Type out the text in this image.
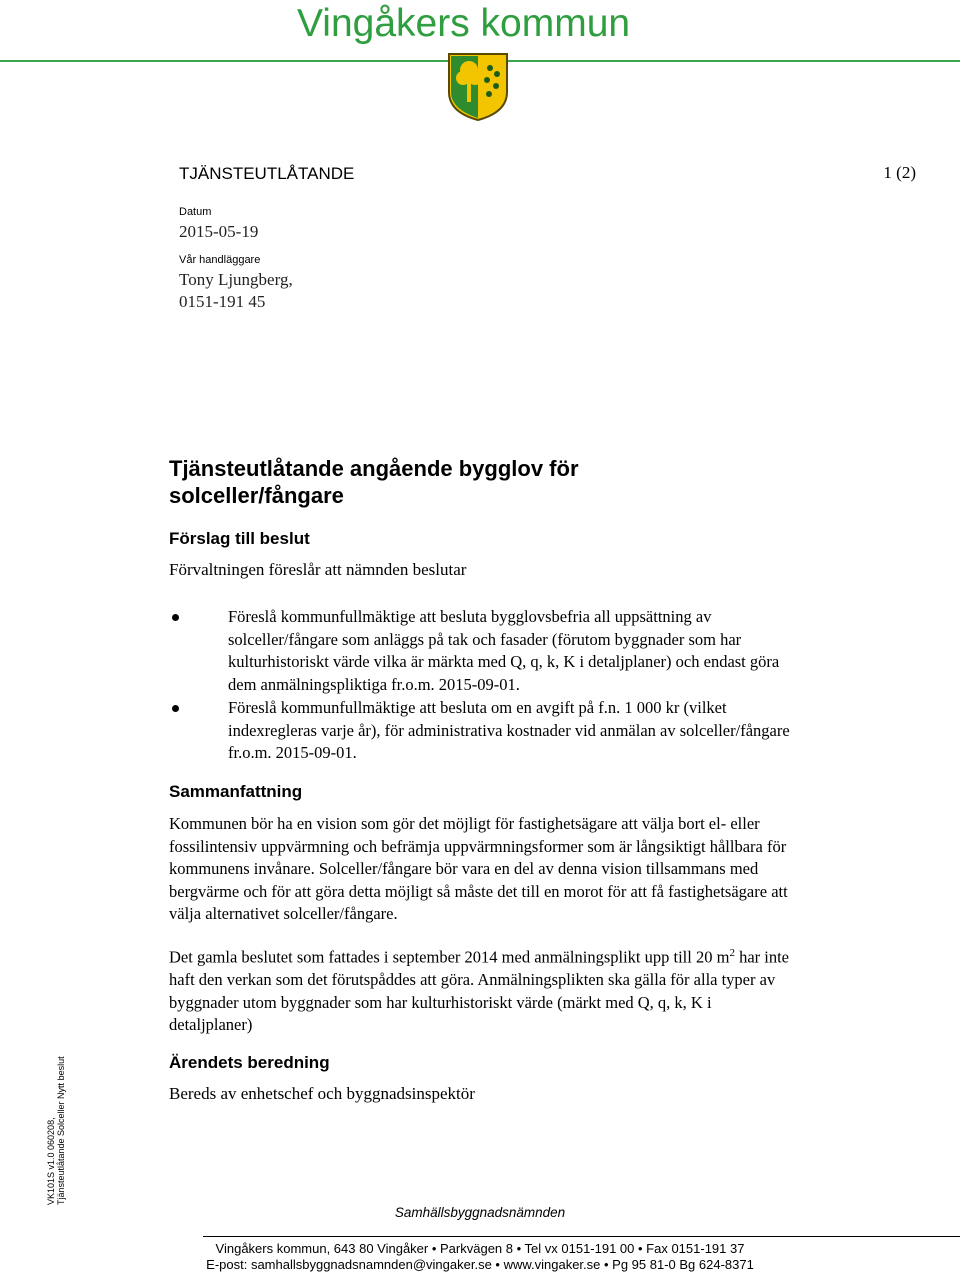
Vingåkers kommun
TJÄNSTEUTLÅTANDE	1 (2)
Datum
2015-05-19
Vår handläggare
Tony Ljungberg,
0151-191 45
Tjänsteutlåtande angående bygglov för solceller/fångare
Förslag till beslut
Förvaltningen föreslår att nämnden beslutar
Föreslå kommunfullmäktige att besluta bygglovsbefria all uppsättning av solceller/fångare som anläggs på tak och fasader (förutom byggnader som har kulturhistoriskt värde vilka är märkta med Q, q, k, K i detaljplaner) och endast göra dem anmälningspliktiga fr.o.m. 2015-09-01.
Föreslå kommunfullmäktige att besluta om en avgift på f.n. 1 000 kr (vilket indexregleras varje år), för administrativa kostnader vid anmälan av solceller/fångare fr.o.m. 2015-09-01.
Sammanfattning

Kommunen bör ha en vision som gör det möjligt för fastighetsägare att välja bort el- eller fossilintensiv uppvärmning och befrämja uppvärmningsformer som är långsiktigt hållbara för kommunens invånare. Solceller/fångare bör vara en del av denna vision tillsammans med bergvärme och för att göra detta möjligt så måste det till en morot för att få fastighetsägare att välja alternativet solceller/fångare.

Det gamla beslutet som fattades i september 2014 med anmälningsplikt upp till 20 $m^2$ har inte haft den verkan som det förutspåddes att göra. Anmälningsplikten ska gälla för alla typer av byggnader utom byggnader som har kulturhistoriskt värde (märkt med Q, q, k, K i detaljplaner)

Ärendets beredning
Bereds av enhetschef och byggnadsinspektör
VK101S v1.0 060208, Tjänsteutlåtande Solceller Nytt beslut
Samhällsbyggnadsnämnden
Vingåkers kommun, 643 80 Vingåker • Parkvägen 8 • Tel vx 0151-191 00 • Fax 0151-191 37
E-post: samhallsbyggnadsnamnden@vingaker.se • www.vingaker.se • Pg 95 81-0 Bg 624-8371
